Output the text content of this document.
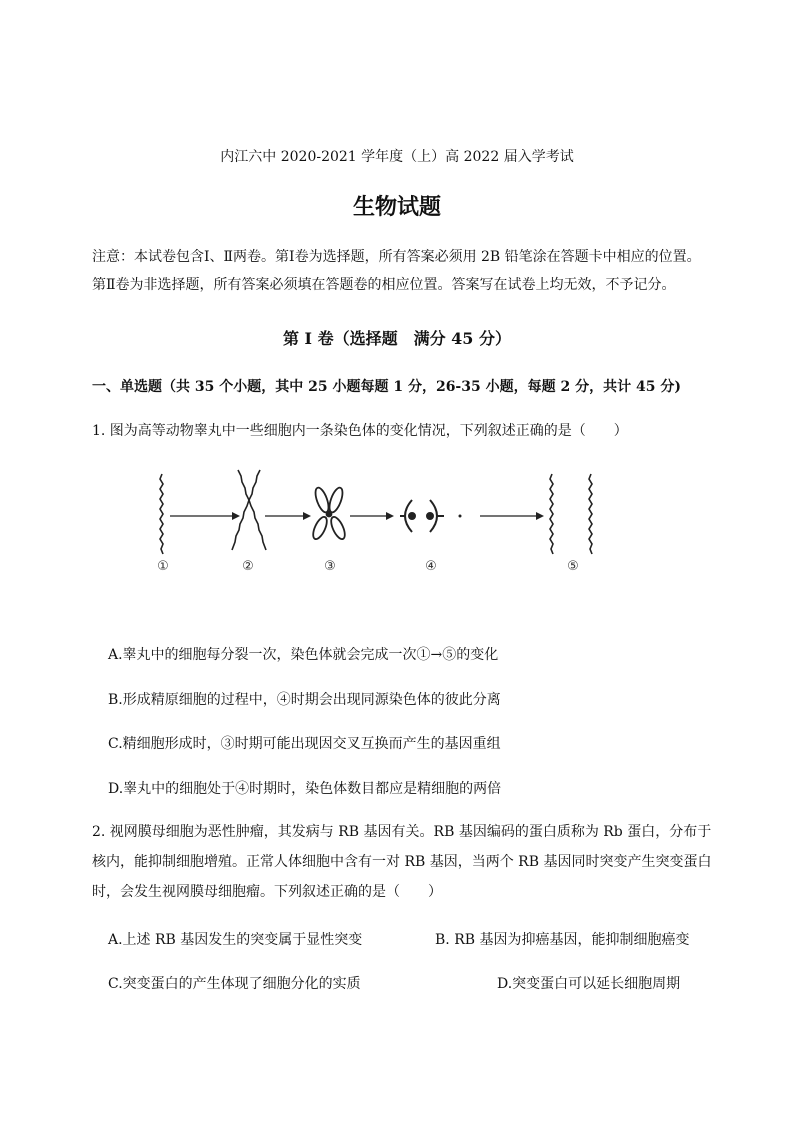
内江六中 2020-2021 学年度（上）高 2022 届入学考试
生物试题
注意：本试卷包含Ⅰ、Ⅱ两卷。第Ⅰ卷为选择题，所有答案必须用 2B 铅笔涂在答题卡中相应的位置。第Ⅱ卷为非选择题，所有答案必须填在答题卷的相应位置。答案写在试卷上均无效，不予记分。
第 I 卷（选择题　满分 45 分）
一、单选题（共 35 个小题，其中 25 小题每题 1 分，26-35 小题，每题 2 分，共计 45 分)
1. 图为高等动物睾丸中一些细胞内一条染色体的变化情况，下列叙述正确的是（　　）
①	②	③	④	⑤
A.睾丸中的细胞每分裂一次，染色体就会完成一次①→⑤的变化
B.形成精原细胞的过程中，④时期会出现同源染色体的彼此分离
C.精细胞形成时，③时期可能出现因交叉互换而产生的基因重组
D.睾丸中的细胞处于④时期时，染色体数目都应是精细胞的两倍
2. 视网膜母细胞为恶性肿瘤，其发病与 RB 基因有关。RB 基因编码的蛋白质称为 Rb 蛋白，分布于核内，能抑制细胞增殖。正常人体细胞中含有一对 RB 基因，当两个 RB 基因同时突变产生突变蛋白时，会发生视网膜母细胞瘤。下列叙述正确的是（　　）
A.上述 RB 基因发生的突变属于显性突变	B. RB 基因为抑癌基因，能抑制细胞癌变
C.突变蛋白的产生体现了细胞分化的实质	D.突变蛋白可以延长细胞周期
